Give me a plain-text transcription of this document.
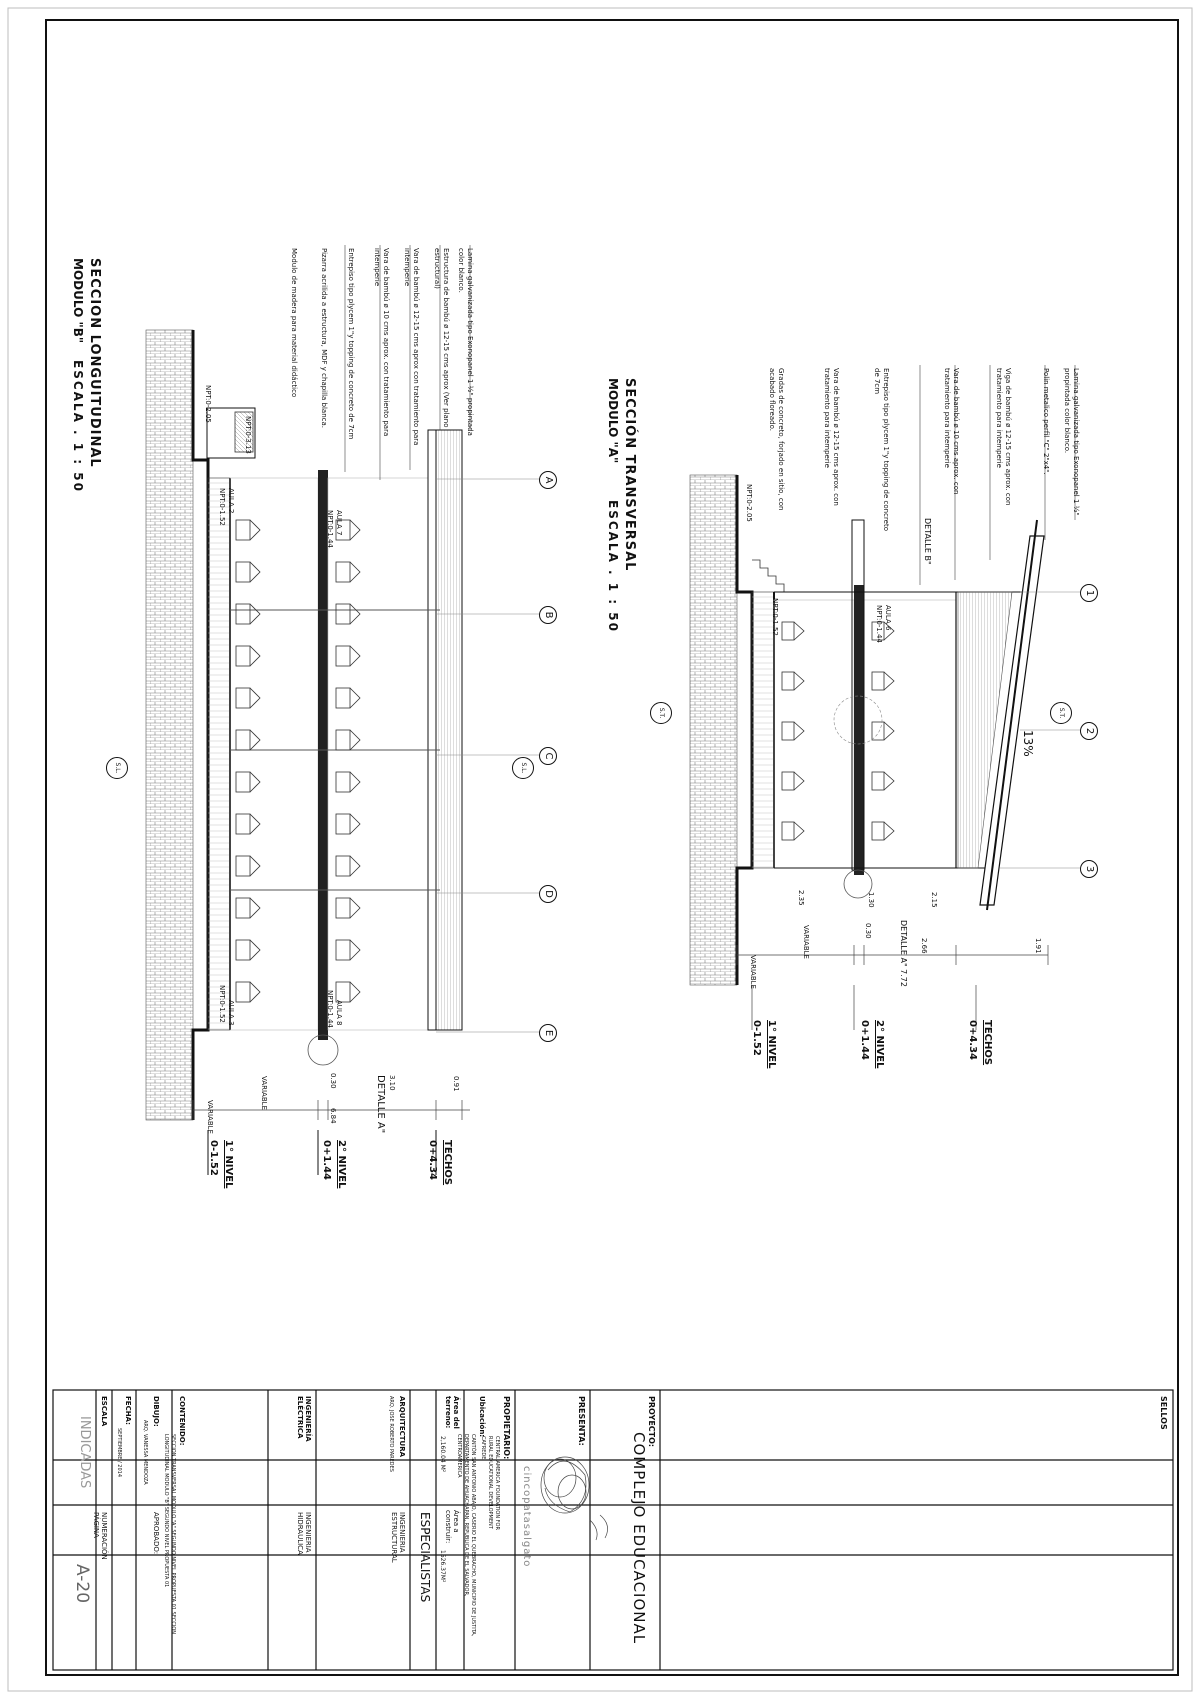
SECCION LONGUITUDINAL
MODULO "B"
ESCALA . 1 : 50	Lamina galvanizada tipo Exonopanel 1 ½" propintada color blanco.
Estructura de bambú ø 12-15 cms aprox (Ver plano estructural)
Vara de bambú ø 12-15 cms aprox con tratamiento para intemperie
Vara de bambú ø 10 cms aprox. con tratamiento para intemperie
Entrepiso tipo plycem 1"y topping de concreto de 7cm
Pizarra acrilida a estructura, MDF y chapilla blanca.
Modulo de madera para material didáctico
NPT:0-2.05
NPT:0-3.13
AULA 2
NPT:0-1.52	AULA 7
NPT:0-1.44
AULA 3
NPT:0-1.52	AULA 8
NPT:0-1.44
A
B
C
D
E
S.L.	S.L.
VARIABLE
VARIABLE
0.30
6.84
3.10	0.91
DETALLE A"
TECHOS
0+4.34
2° NIVEL
0+1.44
1° NIVEL
0-1.52
SECCIÓN TRANSVERSAL
MODULO "A"
ESCALA . 1 : 50
Lamina galvanizada tipo Exonopanel 1 ½" propintada color blanco.
Polin metalico perfil "C" 2"x4".
Viga de bambú ø 12-15 cms aprox. con tratamiento para intemperie
Vara de bambú ø 10 cms aprox. con tratamiento para intemperie
Entrepiso tipo plycem 1"y topping de concreto de 7cm
Vara de bambú ø 12-15 cms aprox. con tratamiento para intemperie
Gradas de concreto, forjado en sitio, con acabado floreado.
DETALLE B"
NPT:0-2.05
NPT:0-1.52	AULA 6
NPT:0-1.44
1
2
3
13%
S.T.	S.T.
2.35	1.30	2.15
0.30
2.66	1.91
VARIABLE
VARIABLE	DETALLE A" 7.72
TECHOS
0+4.34
2° NIVEL
0+1.44
1° NIVEL
0-1.52
SELLOS
PROYECTO:
COMPLEJO EDUCACIONAL
PRESENTA:
cincopatasalgato
PROPIETARIO:
CENTRAL AMERICA FOUNDATION FOR RURAL EDUCATIONAL DEVELOPMENT CAFREDE
Ubicación:
CANTÓN SAN ANTONIO ABAJO, CASERIO EL QUEBRACHO, MUNICIPIO DE JUSTITA, DEPARTAMENTO DE AHUACHAPAN, REPUBLICA DE EL SALVADOR, CENTROAMERICA
Área del terreno:
2,160.04 M²
Área a construir:
1526.37M²
ESPECIALISTAS
ARQUITECTURA
ARQ. JOSE ROBERTO PAREDES
INGENIERIA ESTRUCTURAL
INGENIERÍA ELÉCTRICA
INGENIERIA HIDRAULICA
CONTENIDO:
SECCION TRANSVERSAL MODULO "A" SEGUNDO NIVEL PROPUESTA 01 SECCION LONGITUDINAL MODULO "B" SEGUNDO NIVEL PROPUESTA 01
DIBUJO:
ARQ. VANESSA MENDOZA
APROBADO:
FECHA:
SEPTIEMBRE / 2014
ESCALA
INDICADAS
NUMERACIÓN PÁGINA
A-20
